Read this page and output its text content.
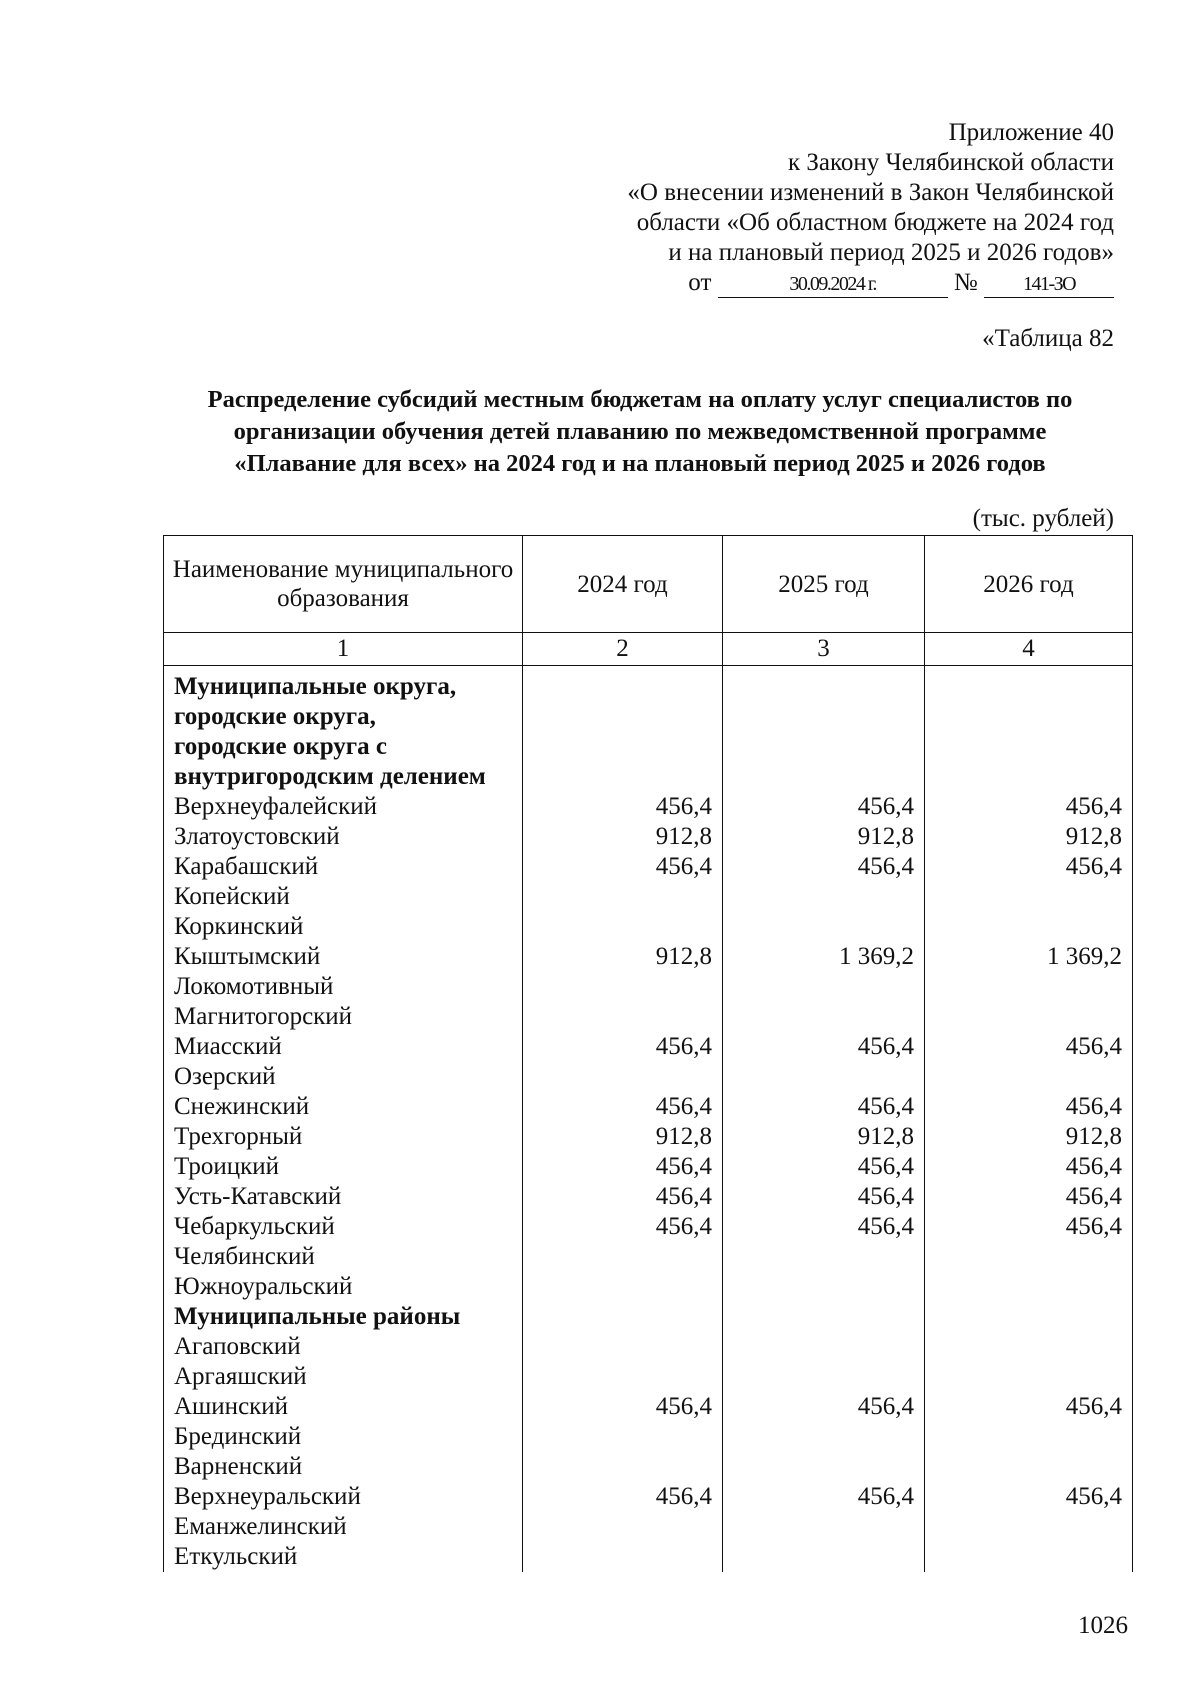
Приложение 40
к Закону Челябинской области
«О внесении изменений в Закон Челябинской
области «Об областном бюджете на 2024 год
и на плановый период 2025 и 2026 годов»
от	30.09.2024 г.	№ 141-ЗО
«Таблица 82
Распределение субсидий местным бюджетам на оплату услуг специалистов по
организации обучения детей плаванию по межведомственной программе
«Плавание для всех» на 2024 год и на плановый период 2025 и 2026 годов
(тыс. рублей)
Наименование муниципального образования	2024 год	2025 год	2026 год
1	2	3	4
Муниципальные округа,			
городские округа,			
городские округа с			
внутригородским делением			
Верхнеуфалейский	456,4	456,4	456,4
Златоустовский	912,8	912,8	912,8
Карабашский	456,4	456,4	456,4
Копейский			
Коркинский			
Кыштымский	912,8	1 369,2	1 369,2
Локомотивный			
Магнитогорский			
Миасский	456,4	456,4	456,4
Озерский			
Снежинский	456,4	456,4	456,4
Трехгорный	912,8	912,8	912,8
Троицкий	456,4	456,4	456,4
Усть-Катавский	456,4	456,4	456,4
Чебаркульский	456,4	456,4	456,4
Челябинский			
Южноуральский			
Муниципальные районы			
Агаповский			
Аргаяшский			
Ашинский	456,4	456,4	456,4
Брединский			
Варненский			
Верхнеуральский	456,4	456,4	456,4
Еманжелинский			
Еткульский			
1026
